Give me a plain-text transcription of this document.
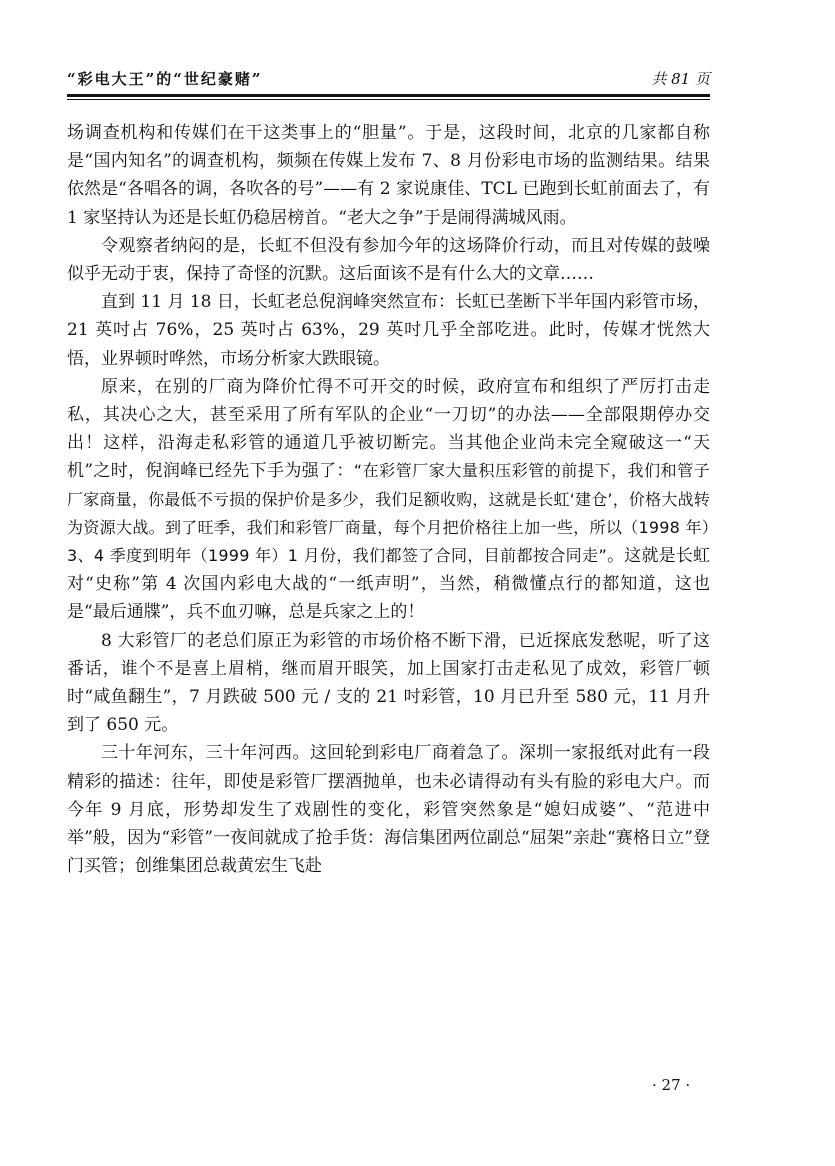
“彩电大王”的“世纪豪赌”	共 81 页

场调查机构和传媒们在干这类事上的“胆量”。于是，这段时间，北京的几家都自称是“国内知名”的调查机构，频频在传媒上发布 7、8 月份彩电市场的监测结果。结果依然是“各唱各的调，各吹各的号”——有 2 家说康佳、TCL 已跑到长虹前面去了，有 1 家坚持认为还是长虹仍稳居榜首。“老大之争”于是闹得满城风雨。

令观察者纳闷的是，长虹不但没有参加今年的这场降价行动，而且对传媒的鼓噪似乎无动于衷，保持了奇怪的沉默。这后面该不是有什么大的文章……

直到 11 月 18 日，长虹老总倪润峰突然宣布：长虹已垄断下半年国内彩管市场，21 英吋占 76%，25 英吋占 63%，29 英吋几乎全部吃进。此时，传媒才恍然大悟，业界顿时哗然，市场分析家大跌眼镜。

原来，在别的厂商为降价忙得不可开交的时候，政府宣布和组织了严厉打击走私，其决心之大，甚至采用了所有军队的企业“一刀切”的办法——全部限期停办交出！这样，沿海走私彩管的通道几乎被切断完。当其他企业尚未完全窥破这一“天机”之时，倪润峰已经先下手为强了：“在彩管厂家大量积压彩管的前提下，我们和管子厂家商量，你最低不亏损的保护价是多少，我们足额收购，这就是长虹‘建仓’，价格大战转为资源大战。到了旺季，我们和彩管厂商量，每个月把价格往上加一些，所以（1998 年）3、4 季度到明年（1999 年）1 月份，我们都签了合同，目前都按合同走”。这就是长虹对“史称”第 4 次国内彩电大战的“一纸声明”，当然，稍微懂点行的都知道，这也是“最后通牒”，兵不血刃嘛，总是兵家之上的！

8 大彩管厂的老总们原正为彩管的市场价格不断下滑，已近探底发愁呢，听了这番话，谁个不是喜上眉梢，继而眉开眼笑，加上国家打击走私见了成效，彩管厂顿时“咸鱼翻生”，7 月跌破 500 元 / 支的 21 吋彩管，10 月已升至 580 元，11 月升到了 650 元。

三十年河东，三十年河西。这回轮到彩电厂商着急了。深圳一家报纸对此有一段精彩的描述：往年，即使是彩管厂摆酒抛单，也未必请得动有头有脸的彩电大户。而今年 9 月底，形势却发生了戏剧性的变化，彩管突然象是“媳妇成婆”、“范进中举”般，因为“彩管”一夜间就成了抢手货：海信集团两位副总“屈架”亲赴“赛格日立”登门买管；创维集团总裁黄宏生飞赴

· 27 ·
